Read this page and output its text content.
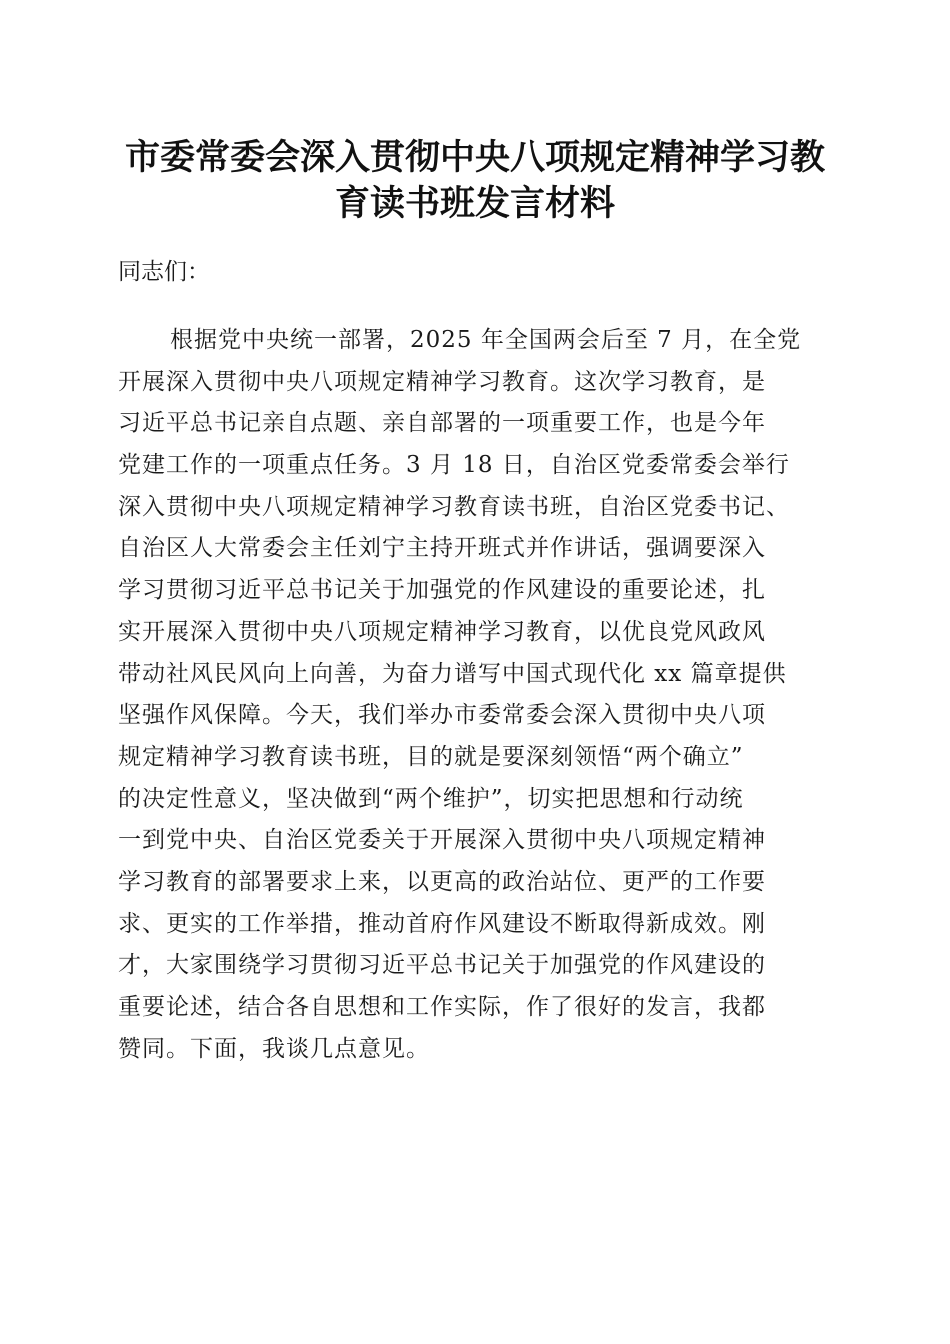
市委常委会深入贯彻中央八项规定精神学习教
育读书班发言材料
同志们：
根据党中央统一部署，2025 年全国两会后至 7 月，在全党
开展深入贯彻中央八项规定精神学习教育。这次学习教育，是
习近平总书记亲自点题、亲自部署的一项重要工作，也是今年
党建工作的一项重点任务。3 月 18 日，自治区党委常委会举行
深入贯彻中央八项规定精神学习教育读书班，自治区党委书记、
自治区人大常委会主任刘宁主持开班式并作讲话，强调要深入
学习贯彻习近平总书记关于加强党的作风建设的重要论述，扎
实开展深入贯彻中央八项规定精神学习教育，以优良党风政风
带动社风民风向上向善，为奋力谱写中国式现代化 xx 篇章提供
坚强作风保障。今天，我们举办市委常委会深入贯彻中央八项
规定精神学习教育读书班，目的就是要深刻领悟“两个确立”
的决定性意义，坚决做到“两个维护”，切实把思想和行动统
一到党中央、自治区党委关于开展深入贯彻中央八项规定精神
学习教育的部署要求上来，以更高的政治站位、更严的工作要
求、更实的工作举措，推动首府作风建设不断取得新成效。刚
才，大家围绕学习贯彻习近平总书记关于加强党的作风建设的
重要论述，结合各自思想和工作实际，作了很好的发言，我都
赞同。下面，我谈几点意见。
